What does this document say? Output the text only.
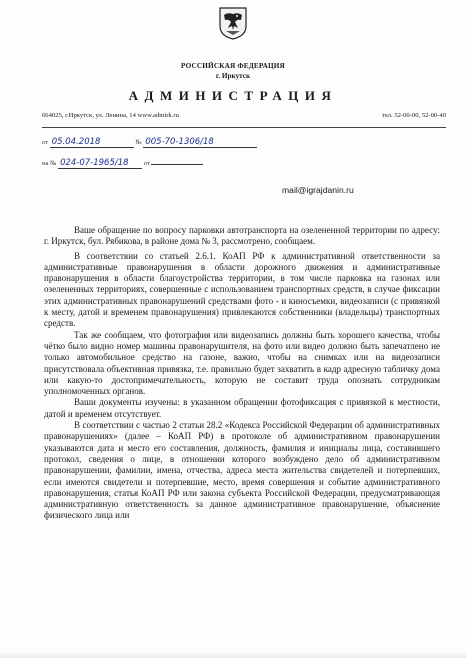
РОССИЙСКАЯ ФЕДЕРАЦИЯ
г. Иркутск
АДМИНИСТРАЦИЯ
664025, г.Иркутск, ул. Ленина, 14 www.admirk.ru	тел. 52-00-00, 52-00-40
от 05.04.2018	№ 005-70-1306/18
на № 024-07-1965/18 от
mail@igrajdanin.ru

Ваше обращение по вопросу парковки автотранспорта на озелененной территории по адресу: г. Иркутск, бул. Рябикова, в районе дома № 3, рассмотрено, сообщаем.

В соответствии со статьей 2.6.1. КоАП РФ к административной ответственности за административные правонарушения в области дорожного движения и административные правонарушения в области благоустройства территории, в том числе парковка на газонах или озелененных территориях, совершенные с использованием транспортных средств, в случае фиксации этих административных правонарушений средствами фото - и киносъемки, видеозаписи (с привязкой к месту, датой и временем правонарушения) привлекаются собственники (владельцы) транспортных средств.

Так же сообщаем, что фотография или видеозапись должны быть хорошего качества, чтобы чётко было видно номер машины правонарушителя, на фото или видео должно быть запечатлено не только автомобильное средство на газоне, важно, чтобы на снимках или на видеозаписи присутствовала объективная привязка, т.е. правильно будет захватить в кадр адресную табличку дома или какую-то достопримечательность, которую не составит труда опознать сотрудникам уполномоченных органов.

Ваши документы изучены: в указанном обращении фотофиксация с привязкой к местности, датой и временем отсутствует.

В соответствии с частью 2 статьи 28.2 «Кодекса Российской Федерации об административных правонарушениях» (далее – КоАП РФ) в протоколе об административном правонарушении указываются дата и место его составления, должность, фамилия и инициалы лица, составившего протокол, сведения о лице, в отношении которого возбуждено дело об административном правонарушении, фамилии, имена, отчества, адреса места жительства свидетелей и потерпевших, если имеются свидетели и потерпевшие, место, время совершения и событие административного правонарушения, статья КоАП РФ или закона субъекта Российской Федерации, предусматривающая административную ответственность за данное административное правонарушение, объяснение физического лица или
